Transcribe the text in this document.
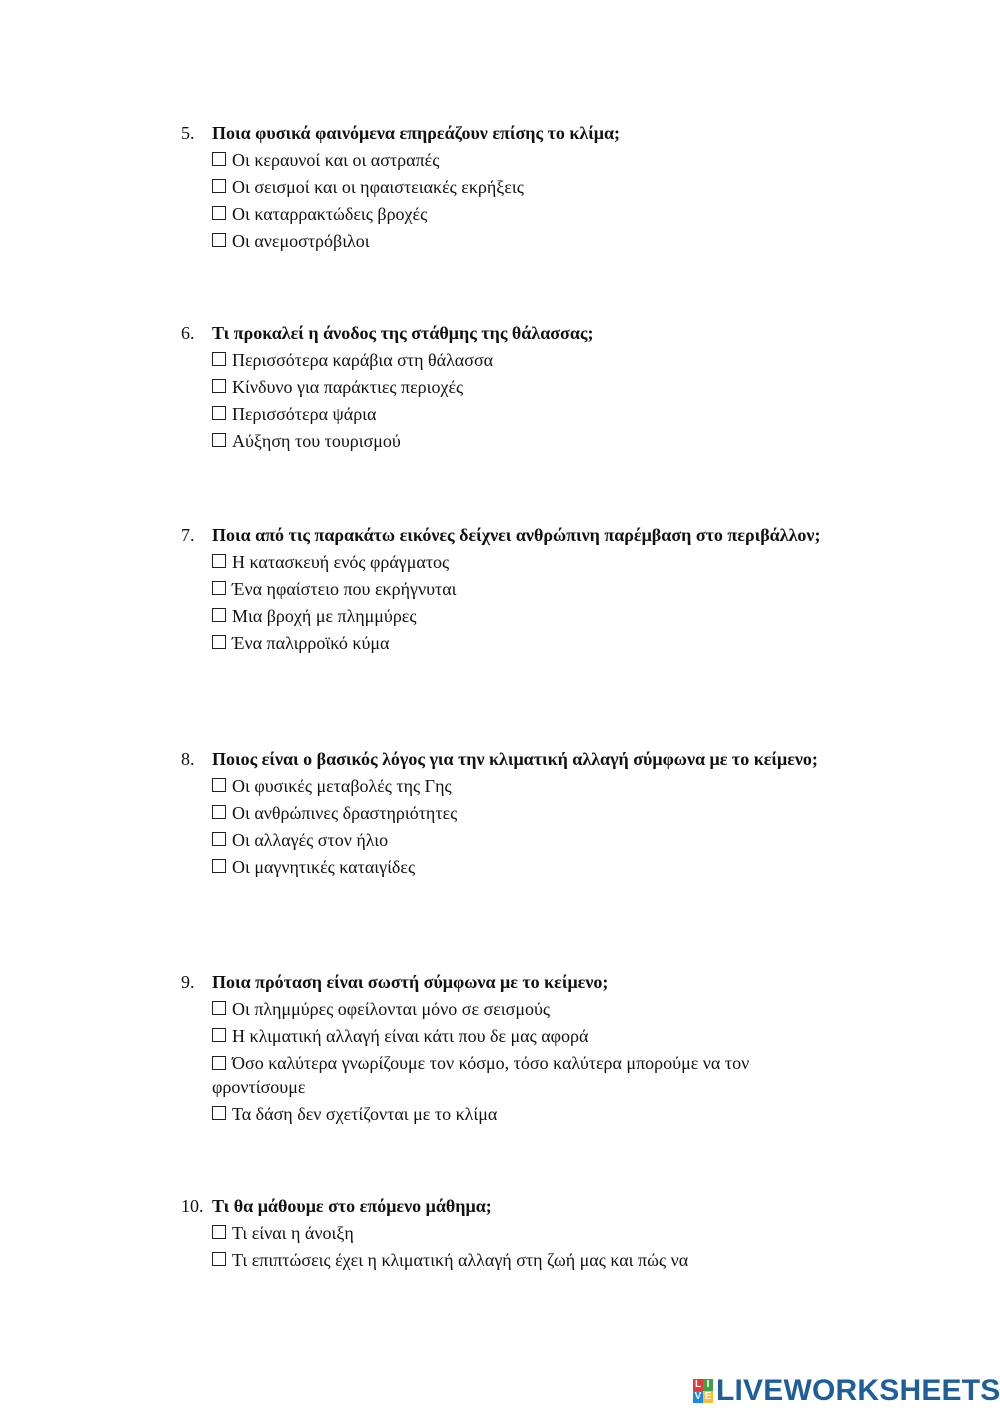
5. Ποια φυσικά φαινόμενα επηρεάζουν επίσης το κλίμα;
Οι κεραυνοί και οι αστραπές
Οι σεισμοί και οι ηφαιστειακές εκρήξεις
Οι καταρρακτώδεις βροχές
Οι ανεμοστρόβιλοι
6. Τι προκαλεί η άνοδος της στάθμης της θάλασσας;
Περισσότερα καράβια στη θάλασσα
Κίνδυνο για παράκτιες περιοχές
Περισσότερα ψάρια
Αύξηση του τουρισμού
7. Ποια από τις παρακάτω εικόνες δείχνει ανθρώπινη παρέμβαση στο περιβάλλον;
Η κατασκευή ενός φράγματος
Ένα ηφαίστειο που εκρήγνυται
Μια βροχή με πλημμύρες
Ένα παλιρροϊκό κύμα
8. Ποιος είναι ο βασικός λόγος για την κλιματική αλλαγή σύμφωνα με το κείμενο;
Οι φυσικές μεταβολές της Γης
Οι ανθρώπινες δραστηριότητες
Οι αλλαγές στον ήλιο
Οι μαγνητικές καταιγίδες
9. Ποια πρόταση είναι σωστή σύμφωνα με το κείμενο;
Οι πλημμύρες οφείλονται μόνο σε σεισμούς
Η κλιματική αλλαγή είναι κάτι που δε μας αφορά
Όσο καλύτερα γνωρίζουμε τον κόσμο, τόσο καλύτερα μπορούμε να τον φροντίσουμε
Τα δάση δεν σχετίζονται με το κλίμα
10. Τι θα μάθουμε στο επόμενο μάθημα;
Τι είναι η άνοιξη
Τι επιπτώσεις έχει η κλιματική αλλαγή στη ζωή μας και πώς να
L I
V E LIVEWORKSHEETS
